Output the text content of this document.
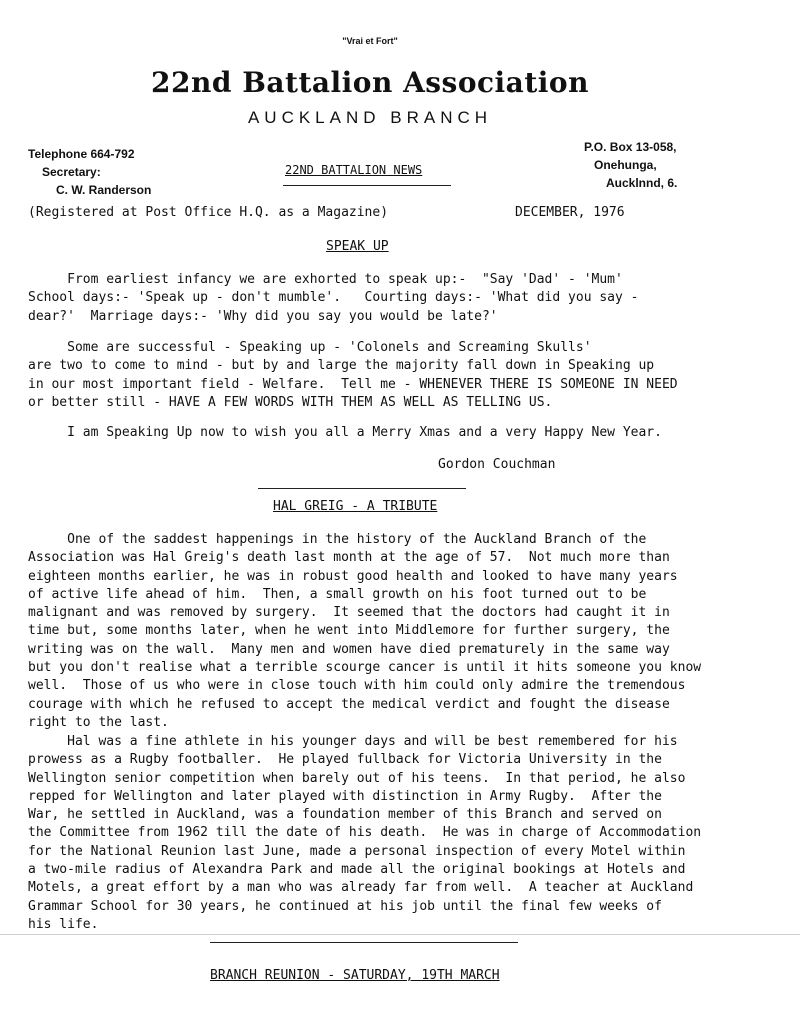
"Vrai et Fort"
22nd Battalion Association
AUCKLAND BRANCH
Telephone 664-792
Secretary:
C. W. Randerson
22ND BATTALION NEWS
P.O. Box 13-058,
Onehunga,
Aucklnnd, 6.
(Registered at Post Office H.Q. as a Magazine)	DECEMBER, 1976
SPEAK UP
From earliest infancy we are exhorted to speak up:-  "Say 'Dad' - 'Mum'
School days:- 'Speak up - don't mumble'.   Courting days:- 'What did you say -
dear?'  Marriage days:- 'Why did you say you would be late?'
Some are successful - Speaking up - 'Colonels and Screaming Skulls'
are two to come to mind - but by and large the majority fall down in Speaking up
in our most important field - Welfare.  Tell me - WHENEVER THERE IS SOMEONE IN NEED
or better still - HAVE A FEW WORDS WITH THEM AS WELL AS TELLING US.
I am Speaking Up now to wish you all a Merry Xmas and a very Happy New Year.
Gordon Couchman
HAL GREIG - A TRIBUTE
One of the saddest happenings in the history of the Auckland Branch of the
Association was Hal Greig's death last month at the age of 57.  Not much more than
eighteen months earlier, he was in robust good health and looked to have many years
of active life ahead of him.  Then, a small growth on his foot turned out to be
malignant and was removed by surgery.  It seemed that the doctors had caught it in
time but, some months later, when he went into Middlemore for further surgery, the
writing was on the wall.  Many men and women have died prematurely in the same way
but you don't realise what a terrible scourge cancer is until it hits someone you know
well.  Those of us who were in close touch with him could only admire the tremendous
courage with which he refused to accept the medical verdict and fought the disease
right to the last.
Hal was a fine athlete in his younger days and will be best remembered for his
prowess as a Rugby footballer.  He played fullback for Victoria University in the
Wellington senior competition when barely out of his teens.  In that period, he also
repped for Wellington and later played with distinction in Army Rugby.  After the
War, he settled in Auckland, was a foundation member of this Branch and served on
the Committee from 1962 till the date of his death.  He was in charge of Accommodation
for the National Reunion last June, made a personal inspection of every Motel within
a two-mile radius of Alexandra Park and made all the original bookings at Hotels and
Motels, a great effort by a man who was already far from well.  A teacher at Auckland
Grammar School for 30 years, he continued at his job until the final few weeks of
his life.
BRANCH REUNION - SATURDAY, 19TH MARCH
